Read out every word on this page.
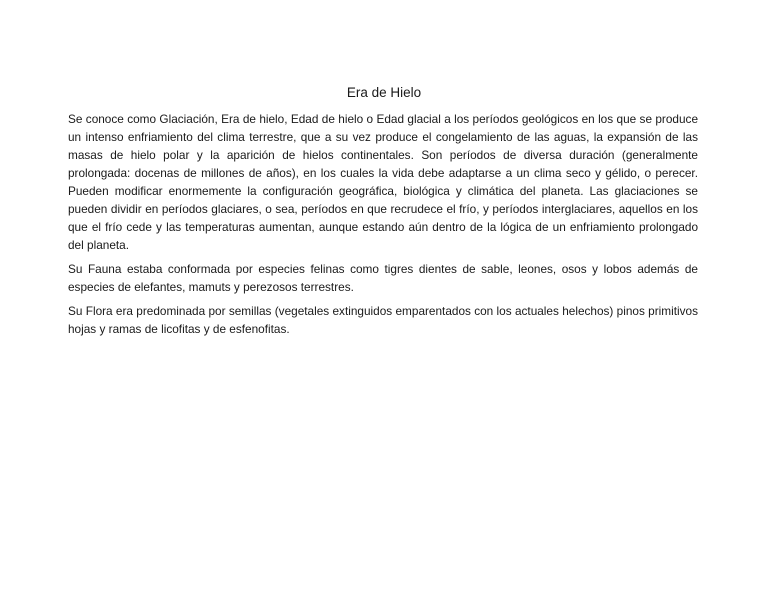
Era de Hielo

Se conoce como Glaciación, Era de hielo, Edad de hielo o Edad glacial a los períodos geológicos en los que se produce un intenso enfriamiento del clima terrestre, que a su vez produce el congelamiento de las aguas, la expansión de las masas de hielo polar y la aparición de hielos continentales. Son períodos de diversa duración (generalmente prolongada: docenas de millones de años), en los cuales la vida debe adaptarse a un clima seco y gélido, o perecer. Pueden modificar enormemente la configuración geográfica, biológica y climática del planeta. Las glaciaciones se pueden dividir en períodos glaciares, o sea, períodos en que recrudece el frío, y períodos interglaciares, aquellos en los que el frío cede y las temperaturas aumentan, aunque estando aún dentro de la lógica de un enfriamiento prolongado del planeta.

Su Fauna estaba conformada por especies felinas como tigres dientes de sable, leones, osos y lobos además de especies de elefantes, mamuts y perezosos terrestres.

Su Flora era predominada por semillas (vegetales extinguidos emparentados con los actuales helechos) pinos primitivos hojas y ramas de licofitas y de esfenofitas.
